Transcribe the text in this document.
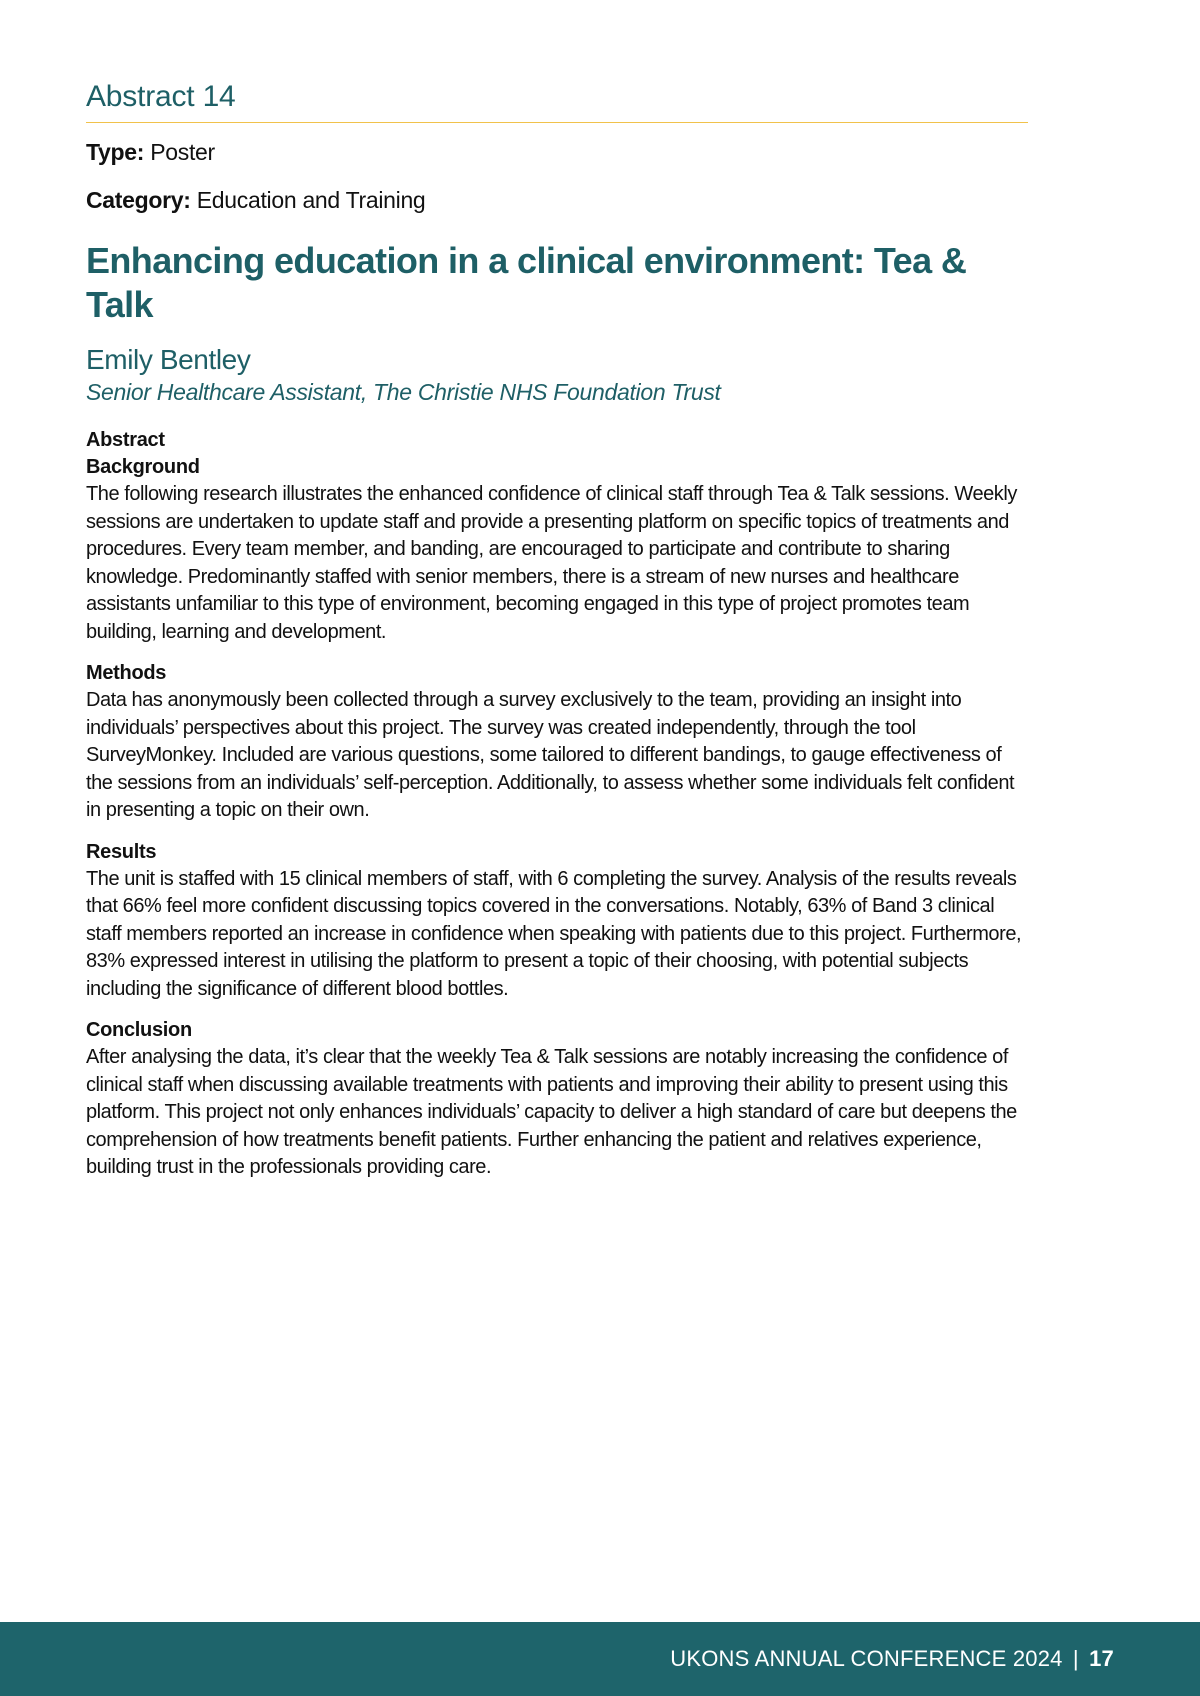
Abstract 14
Type: Poster
Category: Education and Training
Enhancing education in a clinical environment: Tea & Talk
Emily Bentley
Senior Healthcare Assistant, The Christie NHS Foundation Trust
Abstract
Background

The following research illustrates the enhanced confidence of clinical staff through Tea & Talk sessions. Weekly sessions are undertaken to update staff and provide a presenting platform on specific topics of treatments and procedures. Every team member, and banding, are encouraged to participate and contribute to sharing knowledge. Predominantly staffed with senior members, there is a stream of new nurses and healthcare assistants unfamiliar to this type of environment, becoming engaged in this type of project promotes team building, learning and development.

Methods

Data has anonymously been collected through a survey exclusively to the team, providing an insight into individuals’ perspectives about this project. The survey was created independently, through the tool SurveyMonkey. Included are various questions, some tailored to different bandings, to gauge effectiveness of the sessions from an individuals’ self-perception. Additionally, to assess whether some individuals felt confident in presenting a topic on their own.

Results

The unit is staffed with 15 clinical members of staff, with 6 completing the survey. Analysis of the results reveals that 66% feel more confident discussing topics covered in the conversations. Notably, 63% of Band 3 clinical staff members reported an increase in confidence when speaking with patients due to this project. Furthermore, 83% expressed interest in utilising the platform to present a topic of their choosing, with potential subjects including the significance of different blood bottles.

Conclusion

After analysing the data, it’s clear that the weekly Tea & Talk sessions are notably increasing the confidence of clinical staff when discussing available treatments with patients and improving their ability to present using this platform. This project not only enhances individuals’ capacity to deliver a high standard of care but deepens the comprehension of how treatments benefit patients. Further enhancing the patient and relatives experience, building trust in the professionals providing care.

UKONS ANNUAL CONFERENCE 2024 | 17
